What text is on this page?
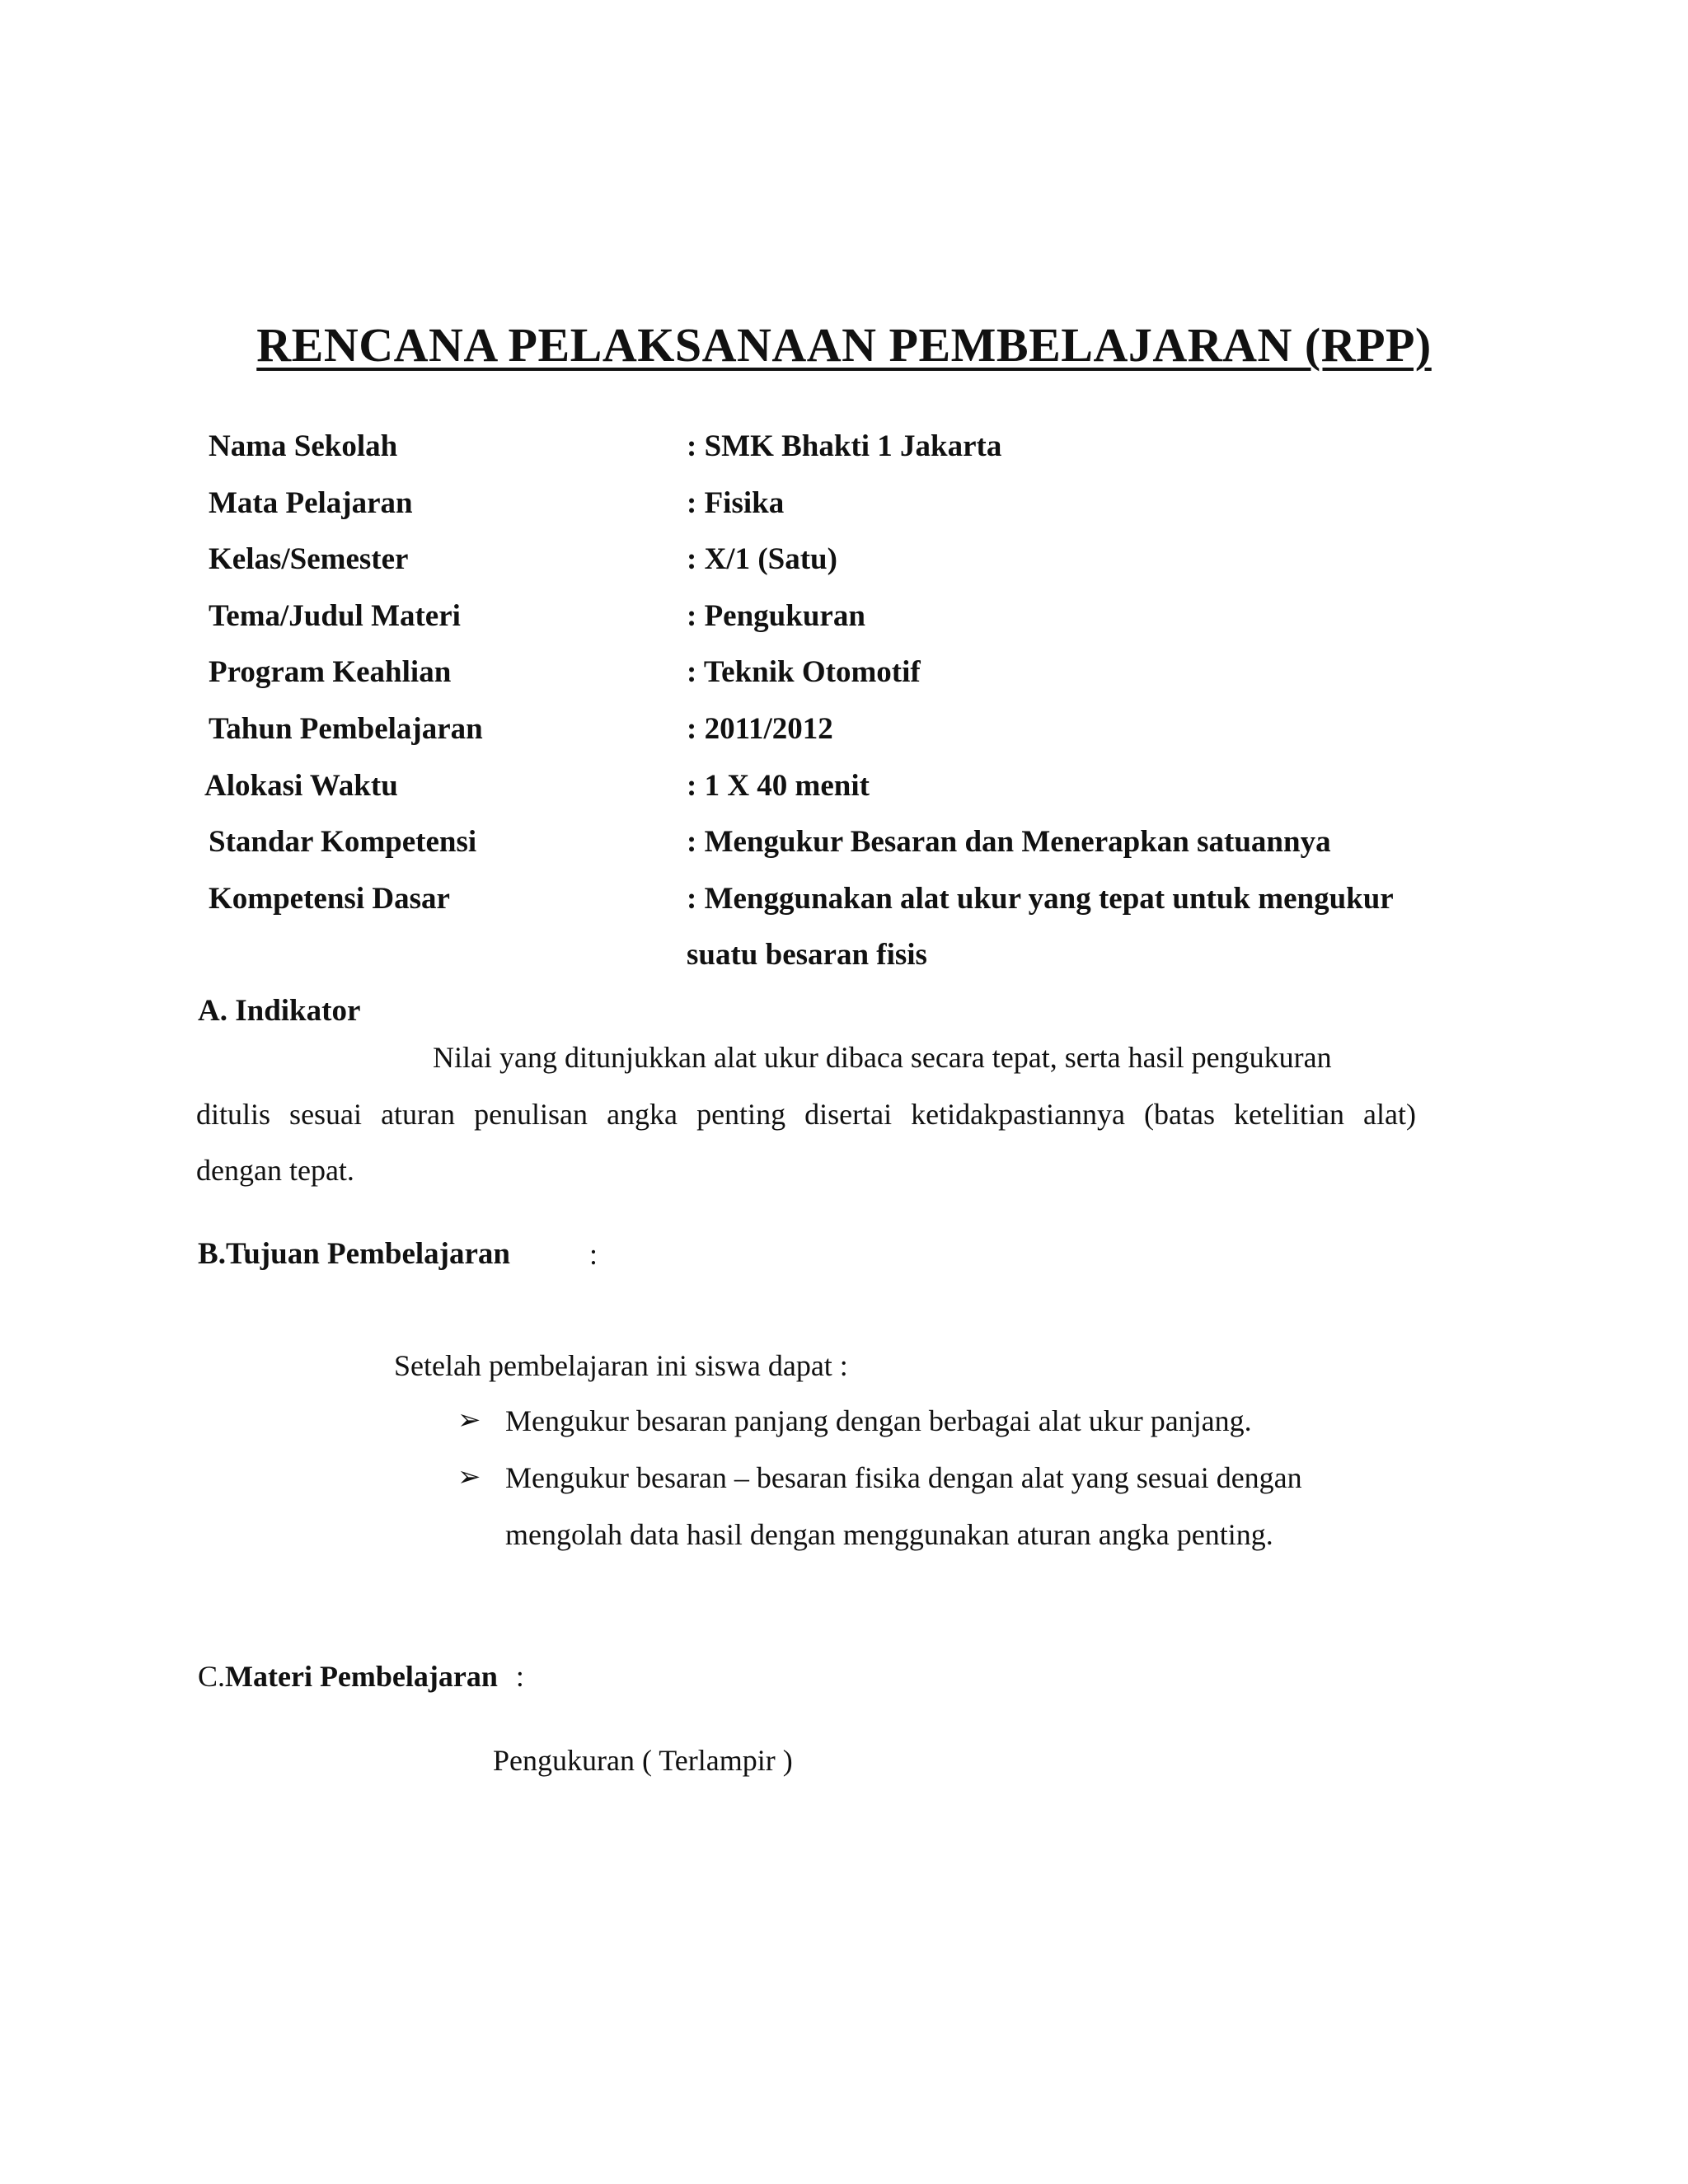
RENCANA PELAKSANAAN PEMBELAJARAN (RPP)
Nama Sekolah	: SMK Bhakti 1 Jakarta
Mata Pelajaran	: Fisika
Kelas/Semester	: X/1 (Satu)
Tema/Judul Materi	: Pengukuran
Program Keahlian	: Teknik Otomotif
Tahun Pembelajaran	: 2011/2012
Alokasi Waktu	: 1 X 40 menit
Standar Kompetensi	: Mengukur Besaran dan Menerapkan satuannya
Kompetensi Dasar	: Menggunakan alat ukur yang tepat untuk mengukur
suatu besaran fisis
A. Indikator
Nilai yang ditunjukkan alat ukur dibaca secara tepat, serta hasil pengukuran
ditulis sesuai aturan penulisan angka penting disertai ketidakpastiannya (batas ketelitian alat)
dengan tepat.
B.Tujuan Pembelajaran	:
Setelah pembelajaran ini siswa dapat :
➢ Mengukur besaran panjang dengan berbagai alat ukur panjang.
➢ Mengukur besaran – besaran fisika dengan alat yang sesuai dengan
mengolah data hasil dengan menggunakan aturan angka penting.
C.Materi Pembelajaran :
Pengukuran ( Terlampir )
